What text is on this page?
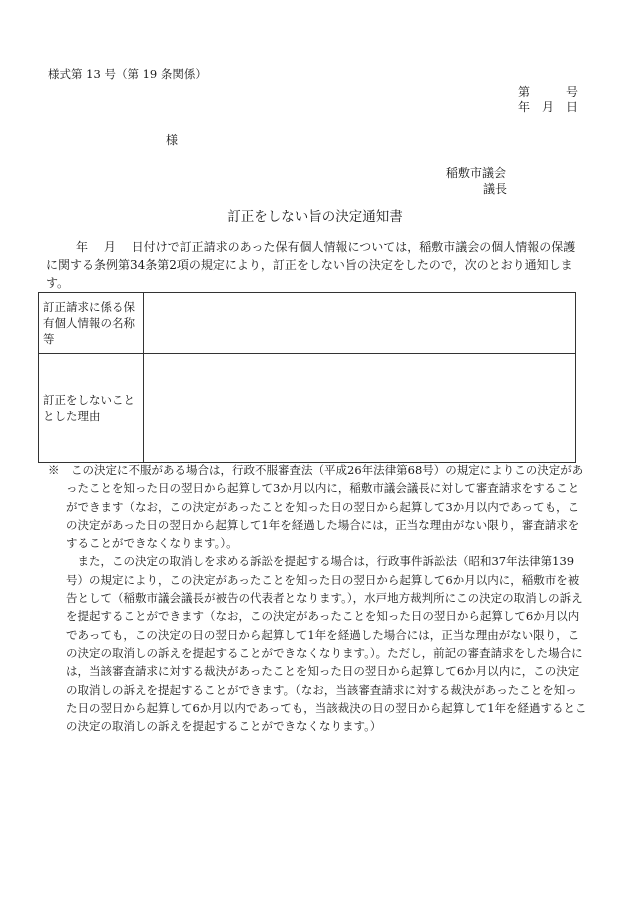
様式第 13 号（第 19 条関係）
第　　　号
年　月　日
様
稲敷市議会
議長
訂正をしない旨の決定通知書
年　 月　 日付けで訂正請求のあった保有個人情報については，稲敷市議会の個人情報の保護に関する条例第34条第2項の規定により，訂正をしない旨の決定をしたので，次のとおり通知します。
訂正請求に係る保有個人情報の名称等	
訂正をしないこととした理由	

※　この決定に不服がある場合は，行政不服審査法（平成26年法律第68号）の規定によりこの決定があったことを知った日の翌日から起算して3か月以内に，稲敷市議会議長に対して審査請求をすることができます（なお，この決定があったことを知った日の翌日から起算して3か月以内であっても，この決定があった日の翌日から起算して1年を経過した場合には，正当な理由がない限り，審査請求をすることができなくなります。）。

また，この決定の取消しを求める訴訟を提起する場合は，行政事件訴訟法（昭和37年法律第139号）の規定により，この決定があったことを知った日の翌日から起算して6か月以内に，稲敷市を被告として（稲敷市議会議長が被告の代表者となります。），水戸地方裁判所にこの決定の取消しの訴えを提起することができます（なお，この決定があったことを知った日の翌日から起算して6か月以内であっても，この決定の日の翌日から起算して1年を経過した場合には，正当な理由がない限り，この決定の取消しの訴えを提起することができなくなります。）。ただし，前記の審査請求をした場合には，当該審査請求に対する裁決があったことを知った日の翌日から起算して6か月以内に，この決定の取消しの訴えを提起することができます。（なお，当該審査請求に対する裁決があったことを知った日の翌日から起算して6か月以内であっても，当該裁決の日の翌日から起算して1年を経過するとこの決定の取消しの訴えを提起することができなくなります。）
